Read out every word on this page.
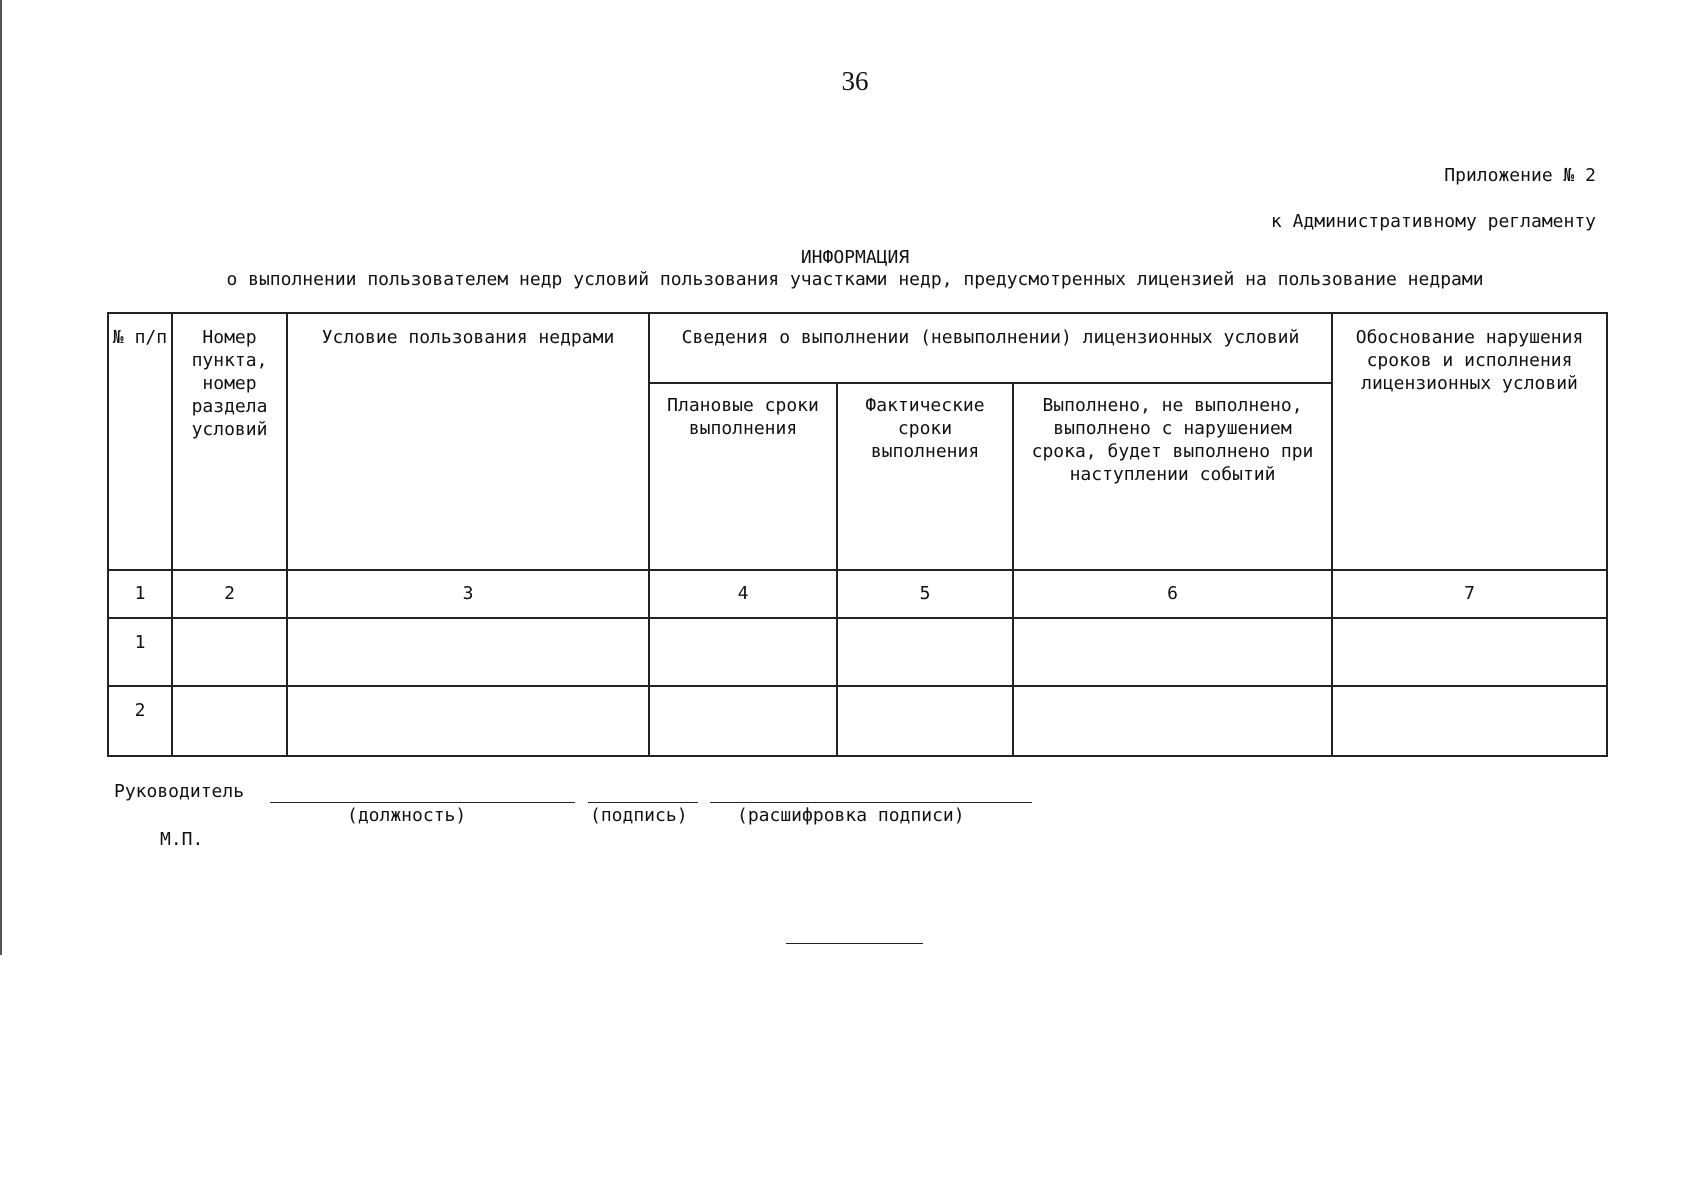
36
Приложение № 2
к Административному регламенту
ИНФОРМАЦИЯ
о выполнении пользователем недр условий пользования участками недр, предусмотренных лицензией на пользование недрами
№ п/п	Номер пункта, номер раздела условий	Условие пользования недрами	Сведения о выполнении (невыполнении) лицензионных условий			Обоснование нарушения сроков и исполнения лицензионных условий
			Плановые сроки выполнения	Фактические сроки выполнения	Выполнено, не выполнено, выполнено с нарушением срока, будет выполнено при наступлении событий	
1	2	3	4	5	6	7
1						
2						
Руководитель
(должность)	(подпись)	(расшифровка подписи)
М.П.
